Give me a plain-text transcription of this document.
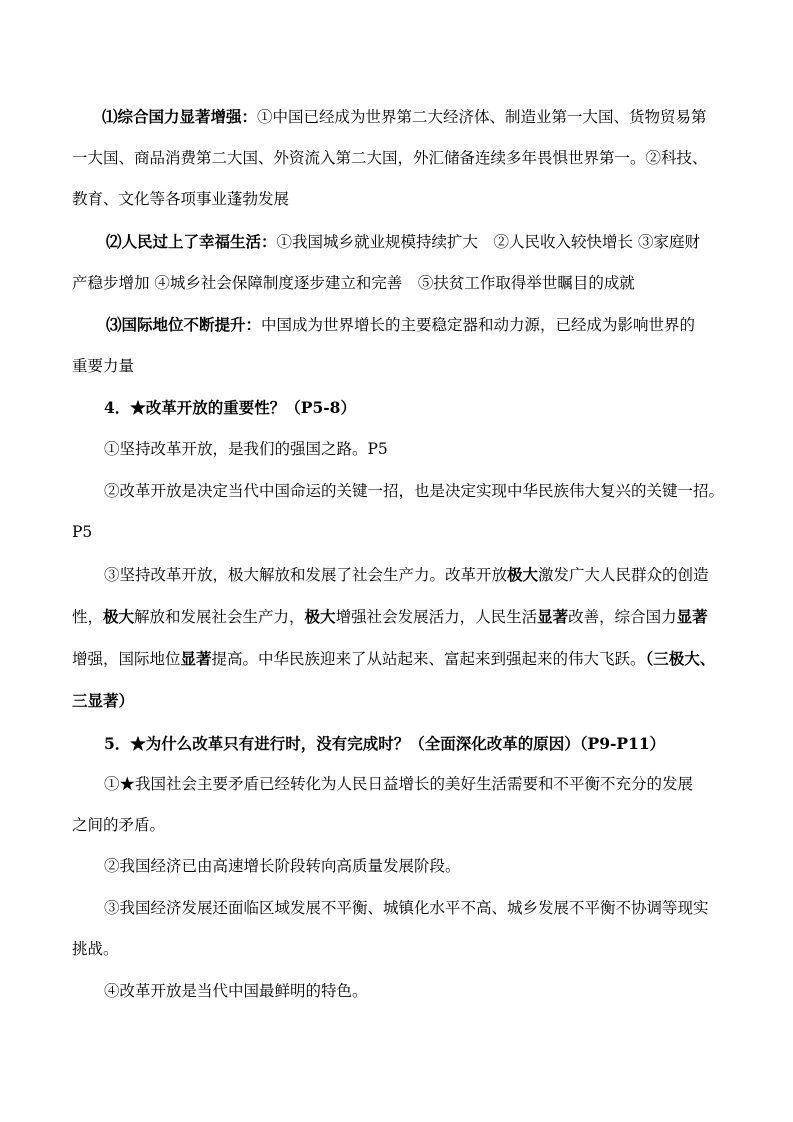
⑴综合国力显著增强：①中国已经成为世界第二大经济体、制造业第一大国、货物贸易第
一大国、商品消费第二大国、外资流入第二大国，外汇储备连续多年畏惧世界第一。②科技、
教育、文化等各项事业蓬勃发展
⑵人民过上了幸福生活：①我国城乡就业规模持续扩大　②人民收入较快增长 ③家庭财
产稳步增加 ④城乡社会保障制度逐步建立和完善　⑤扶贫工作取得举世瞩目的成就
⑶国际地位不断提升：中国成为世界增长的主要稳定器和动力源，已经成为影响世界的
重要力量
4．★改革开放的重要性？（P5-8）
①坚持改革开放，是我们的强国之路。P5
②改革开放是决定当代中国命运的关键一招，也是决定实现中华民族伟大复兴的关键一招。
P5
③坚持改革开放，极大解放和发展了社会生产力。改革开放极大激发广大人民群众的创造
性，极大解放和发展社会生产力，极大增强社会发展活力，人民生活显著改善，综合国力显著
增强，国际地位显著提高。中华民族迎来了从站起来、富起来到强起来的伟大飞跃。（三极大、
三显著）
5．★为什么改革只有进行时，没有完成时？（全面深化改革的原因）（P9-P11）
①★我国社会主要矛盾已经转化为人民日益增长的美好生活需要和不平衡不充分的发展
之间的矛盾。
②我国经济已由高速增长阶段转向高质量发展阶段。
③我国经济发展还面临区域发展不平衡、城镇化水平不高、城乡发展不平衡不协调等现实
挑战。
④改革开放是当代中国最鲜明的特色。
